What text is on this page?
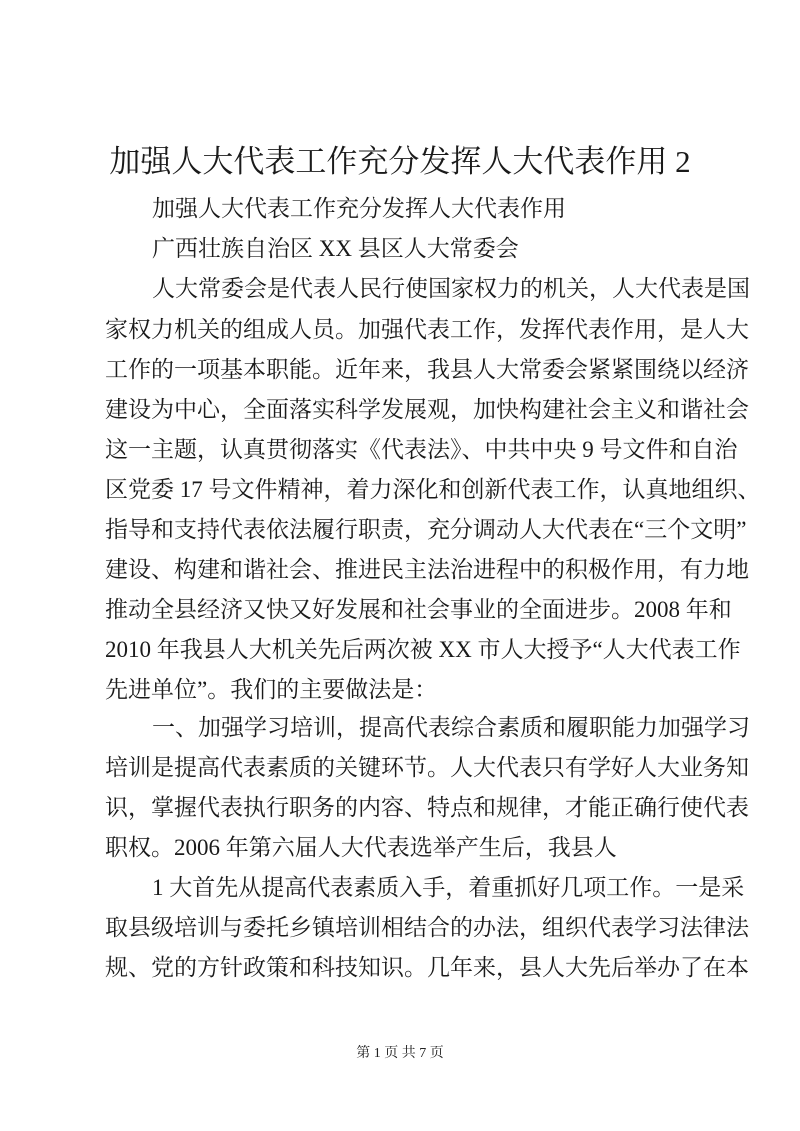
加强人大代表工作充分发挥人大代表作用 2
加强人大代表工作充分发挥人大代表作用
广西壮族自治区 XX 县区人大常委会
人大常委会是代表人民行使国家权力的机关，人大代表是国
家权力机关的组成人员。加强代表工作，发挥代表作用，是人大
工作的一项基本职能。近年来，我县人大常委会紧紧围绕以经济
建设为中心，全面落实科学发展观，加快构建社会主义和谐社会
这一主题，认真贯彻落实《代表法》、中共中央 9 号文件和自治
区党委 17 号文件精神，着力深化和创新代表工作，认真地组织、
指导和支持代表依法履行职责，充分调动人大代表在“三个文明”
建设、构建和谐社会、推进民主法治进程中的积极作用，有力地
推动全县经济又快又好发展和社会事业的全面进步。2008 年和
2010 年我县人大机关先后两次被 XX 市人大授予“人大代表工作
先进单位”。我们的主要做法是：
一、加强学习培训，提高代表综合素质和履职能力加强学习
培训是提高代表素质的关键环节。人大代表只有学好人大业务知
识，掌握代表执行职务的内容、特点和规律，才能正确行使代表
职权。2006 年第六届人大代表选举产生后，我县人
1 大首先从提高代表素质入手，着重抓好几项工作。一是采
取县级培训与委托乡镇培训相结合的办法，组织代表学习法律法
规、党的方针政策和科技知识。几年来，县人大先后举办了在本
第 1 页 共 7 页
